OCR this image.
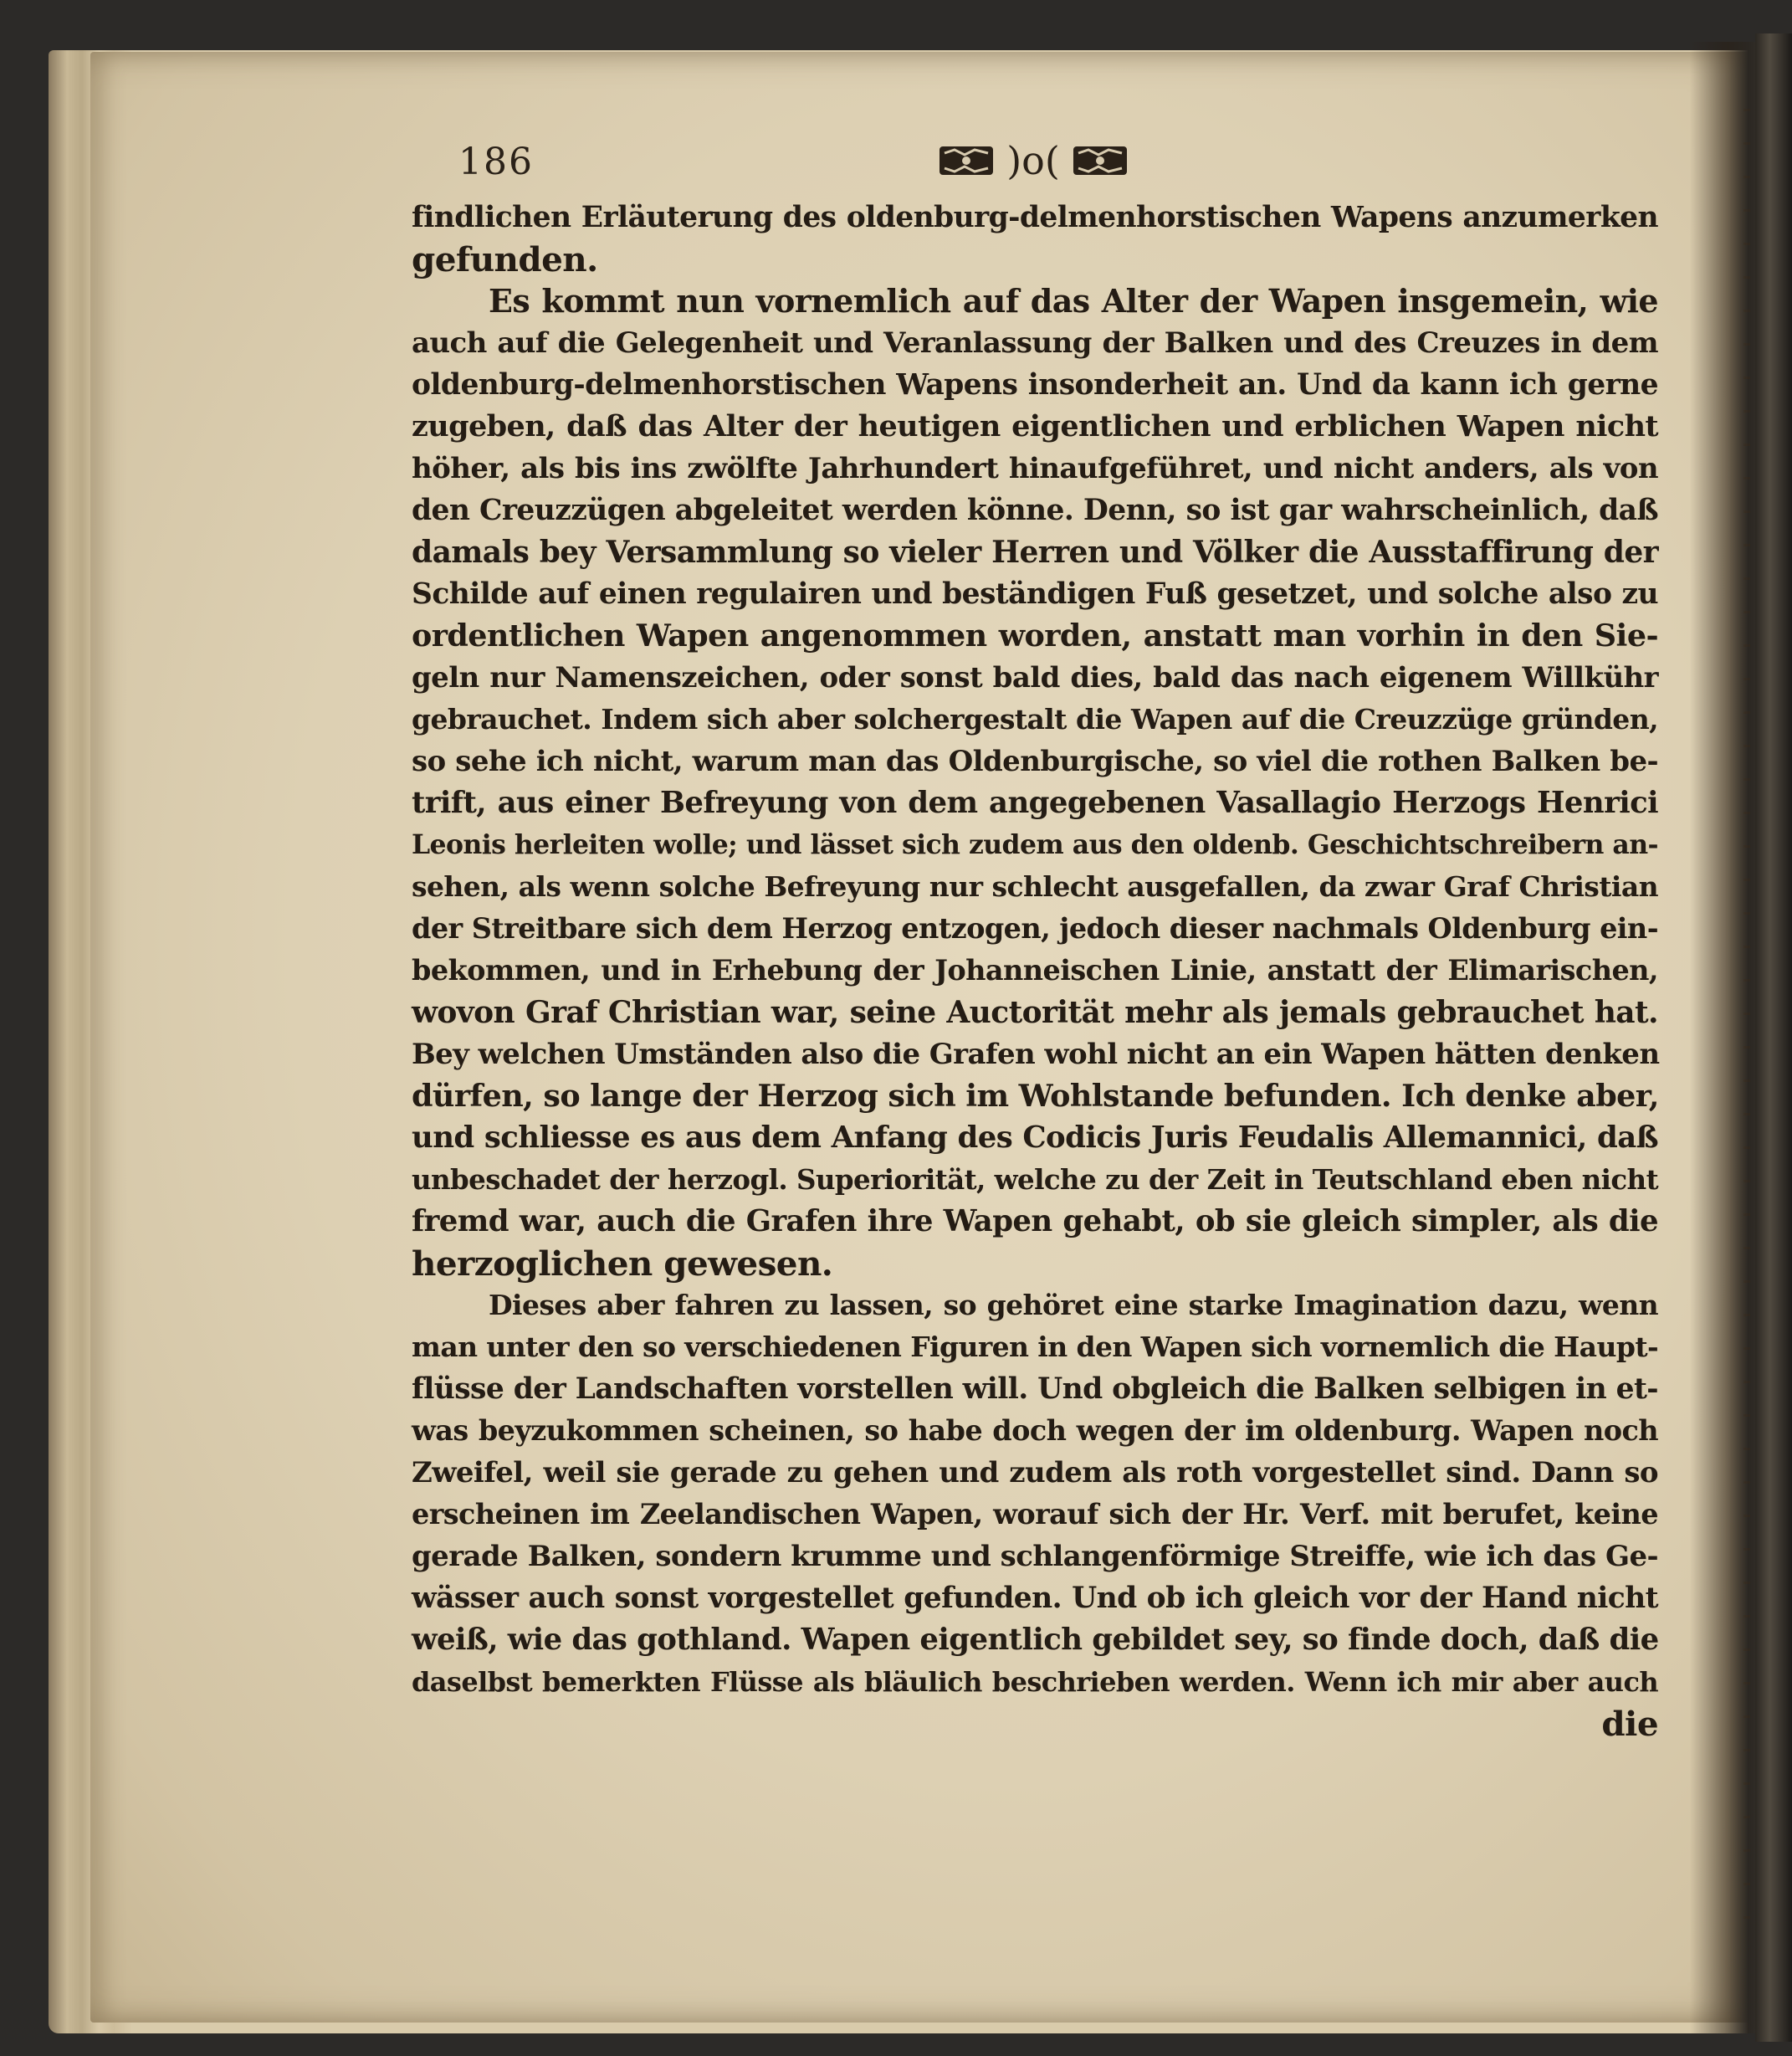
186	)o(
findlichen Erläuterung des oldenburg-delmenhorstischen Wapens anzumerken
gefunden.
Es kommt nun vornemlich auf das Alter der Wapen insgemein, wie
auch auf die Gelegenheit und Veranlassung der Balken und des Creuzes in dem
oldenburg-delmenhorstischen Wapens insonderheit an. Und da kann ich gerne
zugeben, daß das Alter der heutigen eigentlichen und erblichen Wapen nicht
höher, als bis ins zwölfte Jahrhundert hinaufgeführet, und nicht anders, als von
den Creuzzügen abgeleitet werden könne. Denn, so ist gar wahrscheinlich, daß
damals bey Versammlung so vieler Herren und Völker die Ausstaffirung der
Schilde auf einen regulairen und beständigen Fuß gesetzet, und solche also zu
ordentlichen Wapen angenommen worden, anstatt man vorhin in den Sie-
geln nur Namenszeichen, oder sonst bald dies, bald das nach eigenem Willkühr
gebrauchet. Indem sich aber solchergestalt die Wapen auf die Creuzzüge gründen,
so sehe ich nicht, warum man das Oldenburgische, so viel die rothen Balken be-
trift, aus einer Befreyung von dem angegebenen Vasallagio Herzogs Henrici
Leonis herleiten wolle; und lässet sich zudem aus den oldenb. Geschichtschreibern an-
sehen, als wenn solche Befreyung nur schlecht ausgefallen, da zwar Graf Christian
der Streitbare sich dem Herzog entzogen, jedoch dieser nachmals Oldenburg ein-
bekommen, und in Erhebung der Johanneischen Linie, anstatt der Elimarischen,
wovon Graf Christian war, seine Auctorität mehr als jemals gebrauchet hat.
Bey welchen Umständen also die Grafen wohl nicht an ein Wapen hätten denken
dürfen, so lange der Herzog sich im Wohlstande befunden. Ich denke aber,
und schliesse es aus dem Anfang des Codicis Juris Feudalis Allemannici, daß
unbeschadet der herzogl. Superiorität, welche zu der Zeit in Teutschland eben nicht
fremd war, auch die Grafen ihre Wapen gehabt, ob sie gleich simpler, als die
herzoglichen gewesen.
Dieses aber fahren zu lassen, so gehöret eine starke Imagination dazu, wenn
man unter den so verschiedenen Figuren in den Wapen sich vornemlich die Haupt-
flüsse der Landschaften vorstellen will. Und obgleich die Balken selbigen in et-
was beyzukommen scheinen, so habe doch wegen der im oldenburg. Wapen noch
Zweifel, weil sie gerade zu gehen und zudem als roth vorgestellet sind. Dann so
erscheinen im Zeelandischen Wapen, worauf sich der Hr. Verf. mit berufet, keine
gerade Balken, sondern krumme und schlangenförmige Streiffe, wie ich das Ge-
wässer auch sonst vorgestellet gefunden. Und ob ich gleich vor der Hand nicht
weiß, wie das gothland. Wapen eigentlich gebildet sey, so finde doch, daß die
daselbst bemerkten Flüsse als bläulich beschrieben werden. Wenn ich mir aber auch
die
